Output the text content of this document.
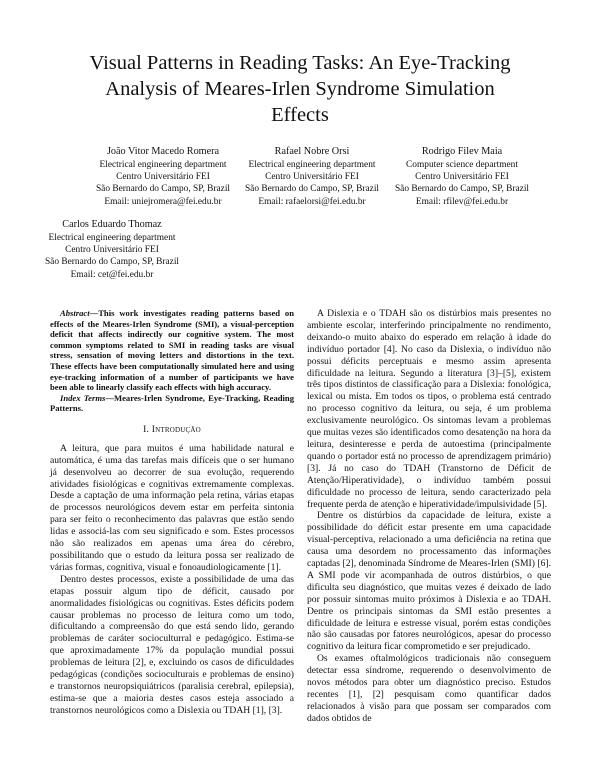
Visual Patterns in Reading Tasks: An Eye-Tracking
Analysis of Meares-Irlen Syndrome Simulation
Effects
João Vitor Macedo Romera
Electrical engineering department
Centro Universitário FEI
São Bernardo do Campo, SP, Brazil
Email: uniejromera@fei.edu.br
Rafael Nobre Orsi
Electrical engineering department
Centro Universitário FEI
São Bernardo do Campo, SP, Brazil
Email: rafaelorsi@fei.edu.br
Rodrigo Filev Maia
Computer science department
Centro Universitário FEI
São Bernardo do Campo, SP, Brazil
Email: rfilev@fei.edu.br
Carlos Eduardo Thomaz
Electrical engineering department
Centro Universitário FEI
São Bernardo do Campo, SP, Brazil
Email: cet@fei.edu.br

Abstract—This work investigates reading patterns based on effects of the Meares-Irlen Syndrome (SMI), a visual-perception deficit that affects indirectly our cognitive system. The most common symptoms related to SMI in reading tasks are visual stress, sensation of moving letters and distortions in the text. These effects have been computationally simulated here and using eye-tracking information of a number of participants we have been able to linearly classify each effects with high accuracy.

Index Terms—Meares-Irlen Syndrome, Eye-Tracking, Reading Patterns.

I. Introdução

A leitura, que para muitos é uma habilidade natural e automática, é uma das tarefas mais difíceis que o ser humano já desenvolveu ao decorrer de sua evolução, requerendo atividades fisiológicas e cognitivas extremamente complexas. Desde a captação de uma informação pela retina, várias etapas de processos neurológicos devem estar em perfeita sintonia para ser feito o reconhecimento das palavras que estão sendo lidas e associá-las com seu significado e som. Estes processos não são realizados em apenas uma área do cérebro, possibilitando que o estudo da leitura possa ser realizado de várias formas, cognitiva, visual e fonoaudiologicamente [1].

Dentro destes processos, existe a possibilidade de uma das etapas possuir algum tipo de déficit, causado por anormalidades fisiológicas ou cognitivas. Estes déficits podem causar problemas no processo de leitura como um todo, dificultando a compreensão do que está sendo lido, gerando problemas de caráter socioculturral e pedagógico. Estima-se que aproximadamente 17% da população mundial possui problemas de leitura [2], e, excluindo os casos de dificuldades pedagógicas (condições socioculturais e problemas de ensino) e transtornos neuropsiquiátricos (paralisia cerebral, epilepsia), estima-se que a maioria destes casos esteja associado a transtornos neurológicos como a Dislexia ou TDAH [1], [3].

A Dislexia e o TDAH são os distúrbios mais presentes no ambiente escolar, interferindo principalmente no rendimento, deixando-o muito abaixo do esperado em relação à idade do indivíduo portador [4]. No caso da Dislexia, o indivíduo não possui déficits perceptuais e mesmo assim apresenta dificuldade na leitura. Segundo a literatura [3]–[5], existem três tipos distintos de classificação para a Dislexia: fonológica, lexical ou mista. Em todos os tipos, o problema está centrado no processo cognitivo da leitura, ou seja, é um problema exclusivamente neurológico. Os sintomas levam a problemas que muitas vezes são identificados como desatenção na hora da leitura, desinteresse e perda de autoestima (principalmente quando o portador está no processo de aprendizagem primário) [3]. Já no caso do TDAH (Transtorno de Déficit de Atenção/Hiperatividade), o indivíduo também possui dificuldade no processo de leitura, sendo caracterizado pela frequente perda de atenção e hiperatividade/impulsividade [5].

Dentre os distúrbios da capacidade de leitura, existe a possibilidade do déficit estar presente em uma capacidade visual-perceptiva, relacionado a uma deficiência na retina que causa uma desordem no processamento das informações captadas [2], denominada Síndrome de Meares-Irlen (SMI) [6]. A SMI pode vir acompanhada de outros distúrbios, o que dificulta seu diagnóstico, que muitas vezes é deixado de lado por possuir sintomas muito próximos à Dislexia e ao TDAH. Dentre os principais sintomas da SMI estão presentes a dificuldade de leitura e estresse visual, porém estas condições não são causadas por fatores neurológicos, apesar do processo cognitivo da leitura ficar comprometido e ser prejudicado.

Os exames oftalmológicos tradicionais não conseguem detectar essa síndrome, requerendo o desenvolvimento de novos métodos para obter um diagnóstico preciso. Estudos recentes [1], [2] pesquisam como quantificar dados relacionados à visão para que possam ser comparados com dados obtidos de
